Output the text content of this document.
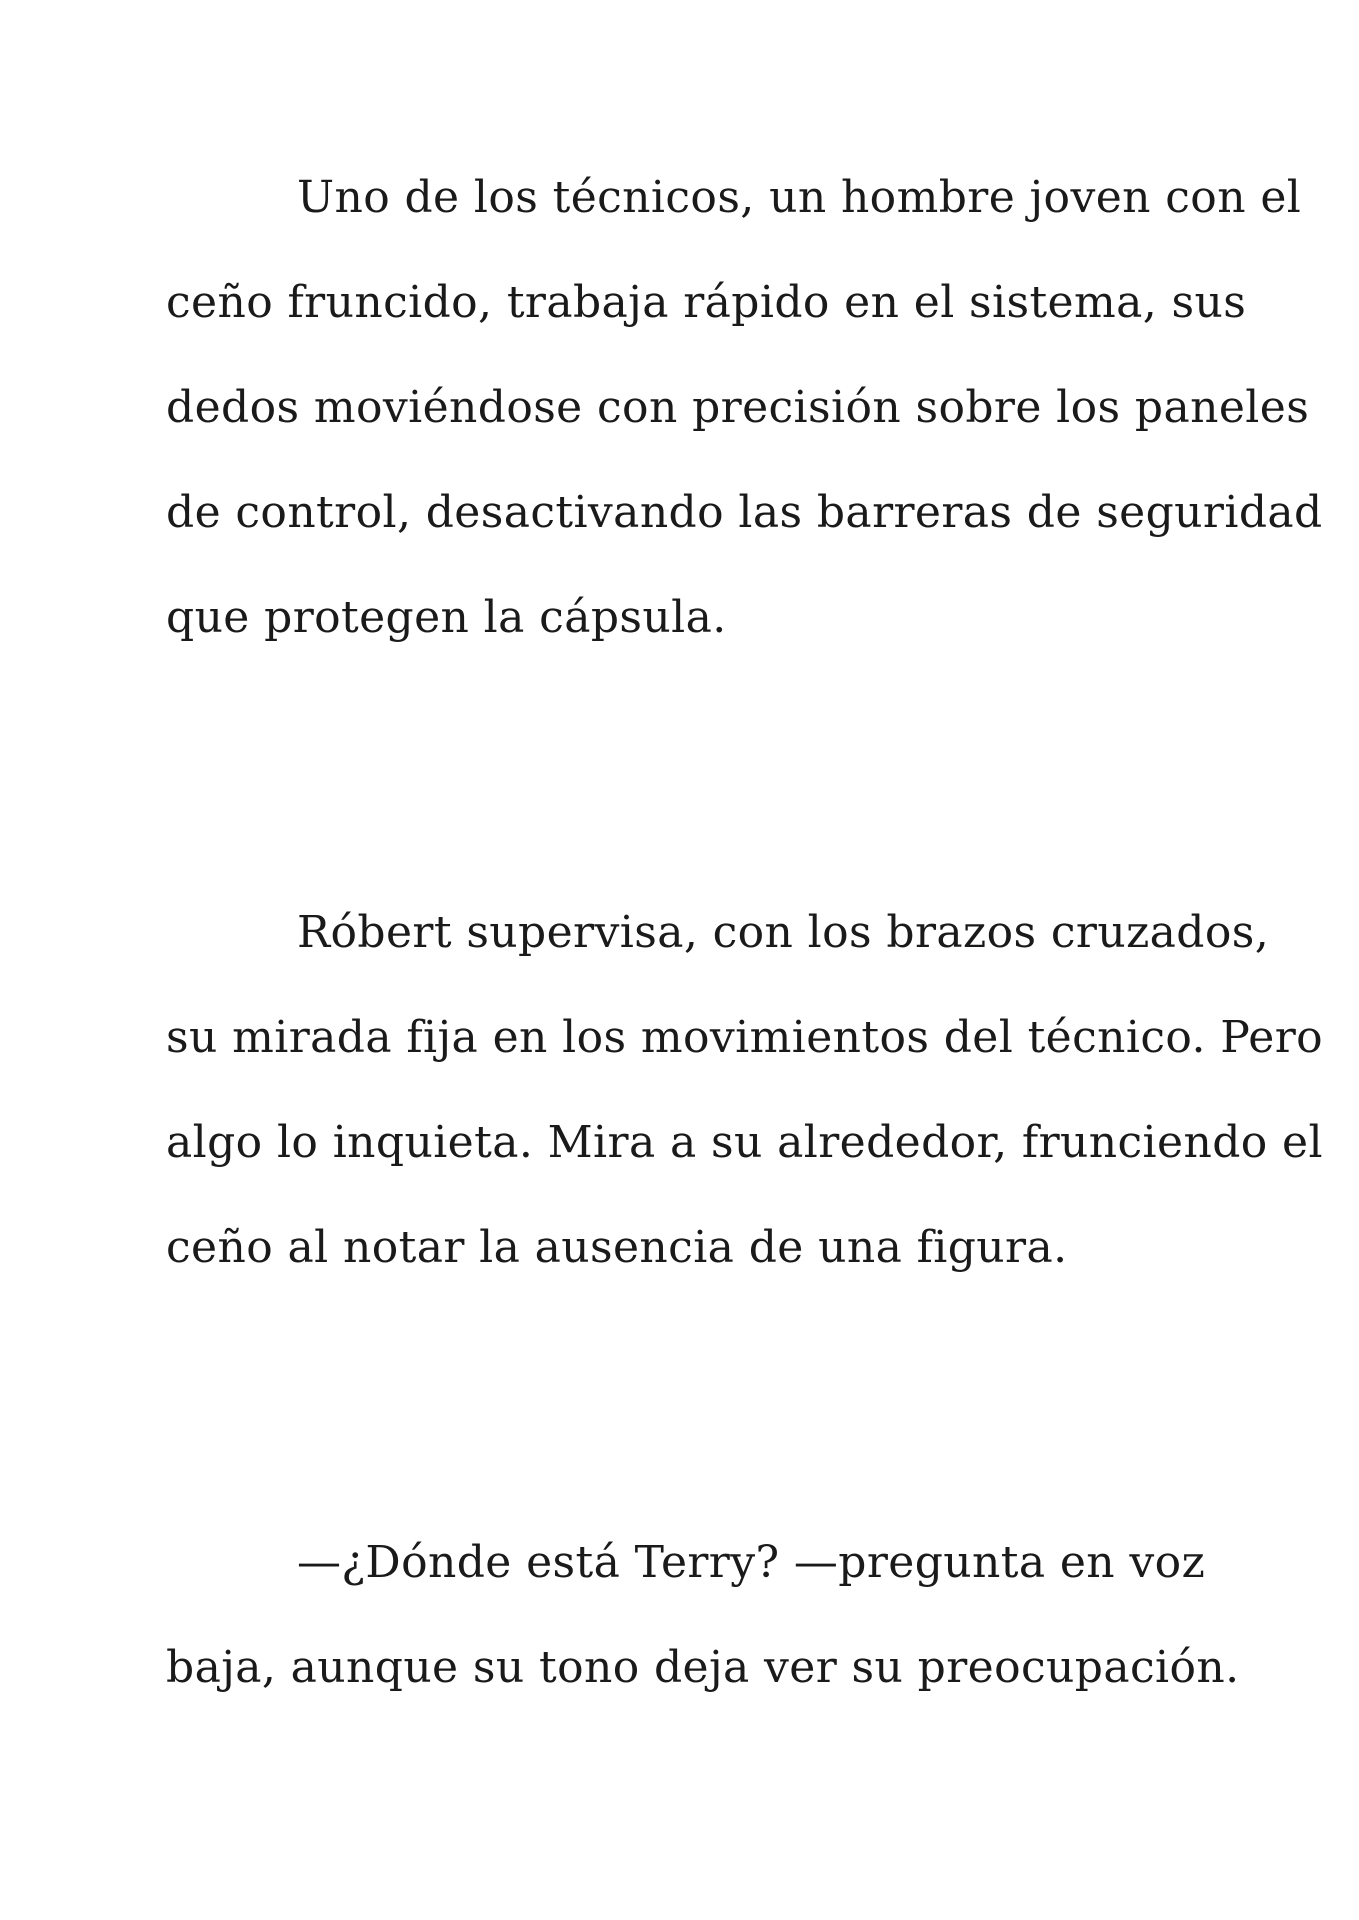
Uno de los técnicos, un hombre joven con el
ceño fruncido, trabaja rápido en el sistema, sus
dedos moviéndose con precisión sobre los paneles
de control, desactivando las barreras de seguridad
que protegen la cápsula.
Róbert supervisa, con los brazos cruzados,
su mirada fija en los movimientos del técnico. Pero
algo lo inquieta. Mira a su alrededor, frunciendo el
ceño al notar la ausencia de una figura.
—¿Dónde está Terry? —pregunta en voz
baja, aunque su tono deja ver su preocupación.
